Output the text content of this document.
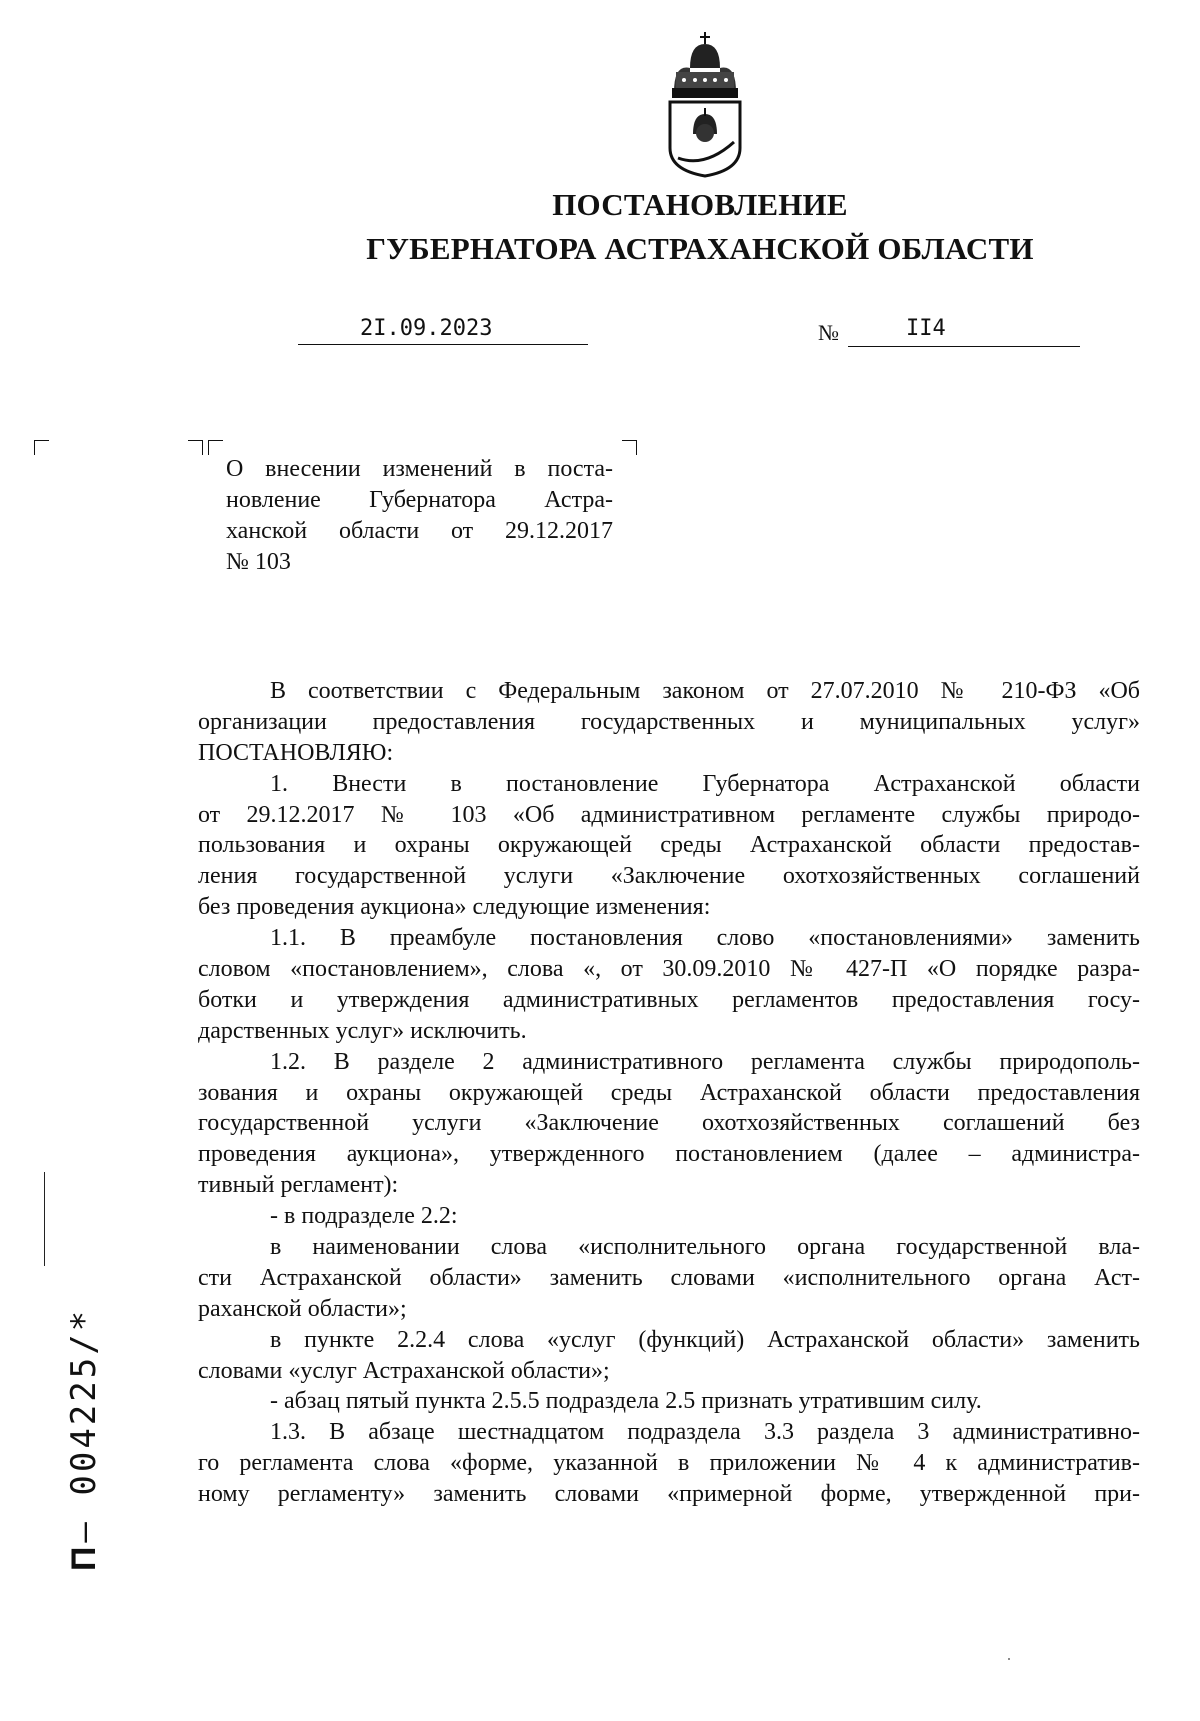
ПОСТАНОВЛЕНИЕ
ГУБЕРНАТОРА АСТРАХАНСКОЙ ОБЛАСТИ
2I.09.2023	№	II4
О внесении изменений в поста-
новление Губернатора Астра-
ханской области от 29.12.2017
№ 103
В соответствии с Федеральным законом от 27.07.2010 № 210-ФЗ «Об
организации предоставления государственных и муниципальных услуг»
ПОСТАНОВЛЯЮ:
1. Внести в постановление Губернатора Астраханской области
от 29.12.2017 № 103 «Об административном регламенте службы природо-
пользования и охраны окружающей среды Астраханской области предостав-
ления государственной услуги «Заключение охотхозяйственных соглашений
без проведения аукциона» следующие изменения:
1.1. В преамбуле постановления слово «постановлениями» заменить
словом «постановлением», слова «, от 30.09.2010 № 427-П «О порядке разра-
ботки и утверждения административных регламентов предоставления госу-
дарственных услуг» исключить.
1.2. В разделе 2 административного регламента службы природополь-
зования и охраны окружающей среды Астраханской области предоставления
государственной услуги «Заключение охотхозяйственных соглашений без
проведения аукциона», утвержденного постановлением (далее – администра-
тивный регламент):
- в подразделе 2.2:
в наименовании слова «исполнительного органа государственной вла-
сти Астраханской области» заменить словами «исполнительного органа Аст-
раханской области»;
в пункте 2.2.4 слова «услуг (функций) Астраханской области» заменить
словами «услуг Астраханской области»;
- абзац пятый пункта 2.5.5 подраздела 2.5 признать утратившим силу.
1.3. В абзаце шестнадцатом подраздела 3.3 раздела 3 административно-
го регламента слова «форме, указанной в приложении № 4 к административ-
ному регламенту» заменить словами «примерной форме, утвержденной при-
П – 004225/*
